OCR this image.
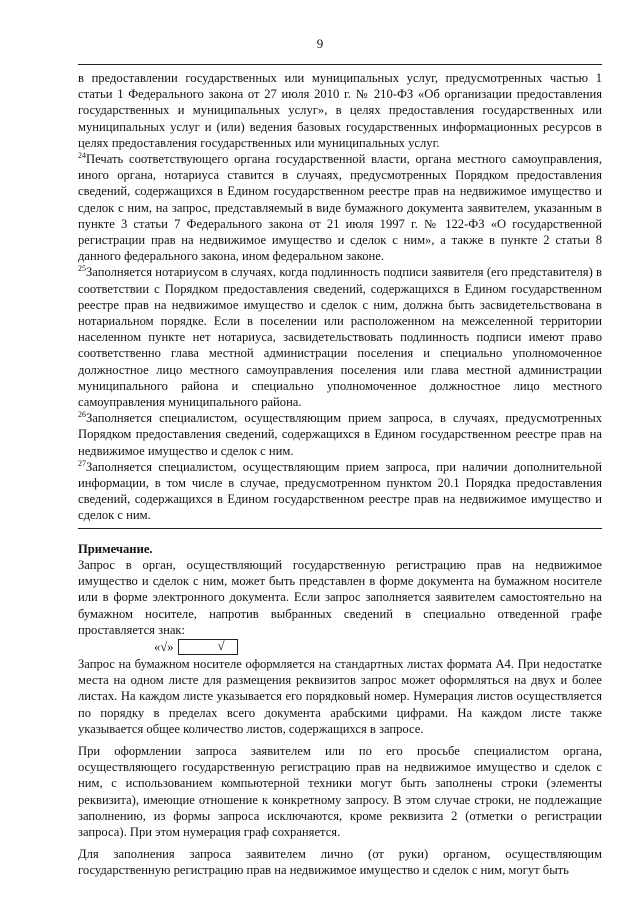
9

в предоставлении государственных или муниципальных услуг, предусмотренных частью 1 статьи 1 Федерального закона от 27 июля 2010 г. № 210-ФЗ «Об организации предоставления государственных и муниципальных услуг», в целях предоставления государственных или муниципальных услуг и (или) ведения базовых государственных информационных ресурсов в целях предоставления государственных или муниципальных услуг.

$^{24}$Печать соответствующего органа государственной власти, органа местного самоуправления, иного органа, нотариуса ставится в случаях, предусмотренных Порядком предоставления сведений, содержащихся в Едином государственном реестре прав на недвижимое имущество и сделок с ним, на запрос, представляемый в виде бумажного документа заявителем, указанным в пункте 3 статьи 7 Федерального закона от 21 июля 1997 г. № 122-ФЗ «О государственной регистрации прав на недвижимое имущество и сделок с ним», а также в пункте 2 статьи 8 данного федерального закона, ином федеральном законе.

$^{25}$Заполняется нотариусом в случаях, когда подлинность подписи заявителя (его представителя) в соответствии с Порядком предоставления сведений, содержащихся в Едином государственном реестре прав на недвижимое имущество и сделок с ним, должна быть засвидетельствована в нотариальном порядке. Если в поселении или расположенном на межселенной территории населенном пункте нет нотариуса, засвидетельствовать подлинность подписи имеют право соответственно глава местной администрации поселения и специально уполномоченное должностное лицо местного самоуправления поселения или глава местной администрации муниципального района и специально уполномоченное должностное лицо местного самоуправления муниципального района.

$^{26}$Заполняется специалистом, осуществляющим прием запроса, в случаях, предусмотренных Порядком предоставления сведений, содержащихся в Едином государственном реестре прав на недвижимое имущество и сделок с ним.

$^{27}$Заполняется специалистом, осуществляющим прием запроса, при наличии дополнительной информации, в том числе в случае, предусмотренном пунктом 20.1 Порядка предоставления сведений, содержащихся в Едином государственном реестре прав на недвижимое имущество и сделок с ним.

Примечание.

Запрос в орган, осуществляющий государственную регистрацию прав на недвижимое имущество и сделок с ним, может быть представлен в форме документа на бумажном носителе или в форме электронного документа. Если запрос заполняется заявителем самостоятельно на бумажном носителе, напротив выбранных сведений в специально отведенной графе проставляется знак:

«√»	√

Запрос на бумажном носителе оформляется на стандартных листах формата А4. При недостатке места на одном листе для размещения реквизитов запрос может оформляться на двух и более листах. На каждом листе указывается его порядковый номер. Нумерация листов осуществляется по порядку в пределах всего документа арабскими цифрами. На каждом листе также указывается общее количество листов, содержащихся в запросе.

При оформлении запроса заявителем или по его просьбе специалистом органа, осуществляющего государственную регистрацию прав на недвижимое имущество и сделок с ним, с использованием компьютерной техники могут быть заполнены строки (элементы реквизита), имеющие отношение к конкретному запросу. В этом случае строки, не подлежащие заполнению, из формы запроса исключаются, кроме реквизита 2 (отметки о регистрации запроса). При этом нумерация граф сохраняется.

Для заполнения запроса заявителем лично (от руки) органом, осуществляющим государственную регистрацию прав на недвижимое имущество и сделок с ним, могут быть
